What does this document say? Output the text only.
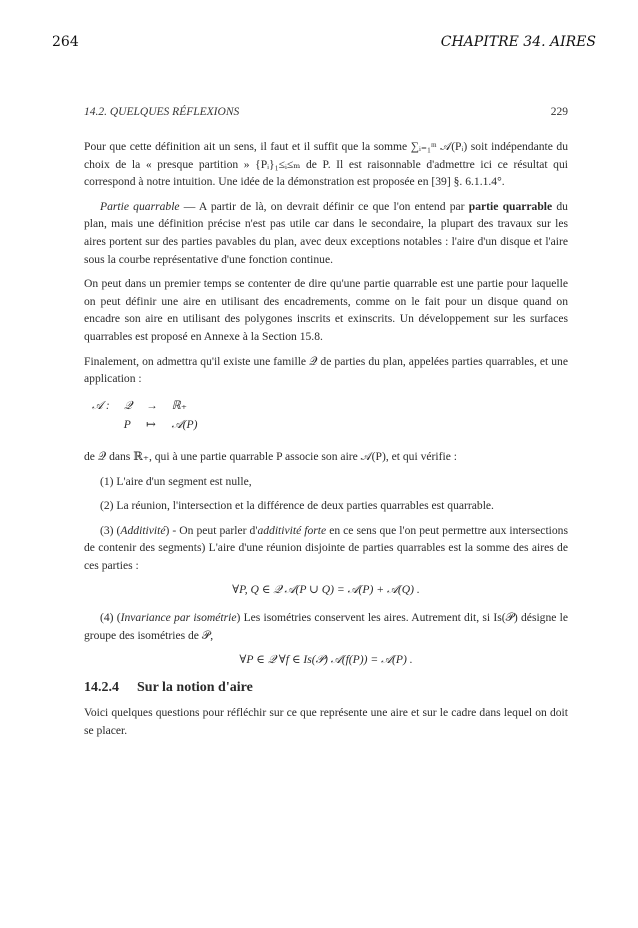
264	CHAPITRE 34. AIRES
14.2. QUELQUES RÉFLEXIONS	229

Pour que cette définition ait un sens, il faut et il suffit que la somme ∑ᵢ₌₁ᵐ 𝒜(Pᵢ) soit indépendante du choix de la « presque partition » {Pᵢ}₁≤ᵢ≤ₘ de P. Il est raisonnable d'admettre ici ce résultat qui correspond à notre intuition. Une idée de la démonstration est proposée en [39] §. 6.1.1.4°.

Partie quarrable — A partir de là, on devrait définir ce que l'on entend par partie quarrable du plan, mais une définition précise n'est pas utile car dans le secondaire, la plupart des travaux sur les aires portent sur des parties pavables du plan, avec deux exceptions notables : l'aire d'un disque et l'aire sous la courbe représentative d'une fonction continue.

On peut dans un premier temps se contenter de dire qu'une partie quarrable est une partie pour laquelle on peut définir une aire en utilisant des encadrements, comme on le fait pour un disque quand on encadre son aire en utilisant des polygones inscrits et exinscrits. Un développement sur les surfaces quarrables est proposé en Annexe à la Section 15.8.

Finalement, on admettra qu'il existe une famille 𝒬 de parties du plan, appelées parties quarrables, et une application :

𝒜 :	𝒬	→	ℝ₊
	P	↦	𝒜(P)

de 𝒬 dans ℝ₊, qui à une partie quarrable P associe son aire 𝒜(P), et qui vérifie :

(1) L'aire d'un segment est nulle,
(2) La réunion, l'intersection et la différence de deux parties quarrables est quarrable.
(3) (Additivité) - On peut parler d'additivité forte en ce sens que l'on peut permettre aux intersections de contenir des segments) L'aire d'une réunion disjointe de parties quarrables est la somme des aires de ces parties :
∀P, Q ∈ 𝒬 𝒜(P ∪ Q) = 𝒜(P) + 𝒜(Q) .
(4) (Invariance par isométrie) Les isométries conservent les aires. Autrement dit, si Is(𝒫) désigne le groupe des isométries de 𝒫,
∀P ∈ 𝒬 ∀f ∈ Is(𝒫) 𝒜(f(P)) = 𝒜(P) .
14.2.4 Sur la notion d'aire

Voici quelques questions pour réfléchir sur ce que représente une aire et sur le cadre dans lequel on doit se placer.
